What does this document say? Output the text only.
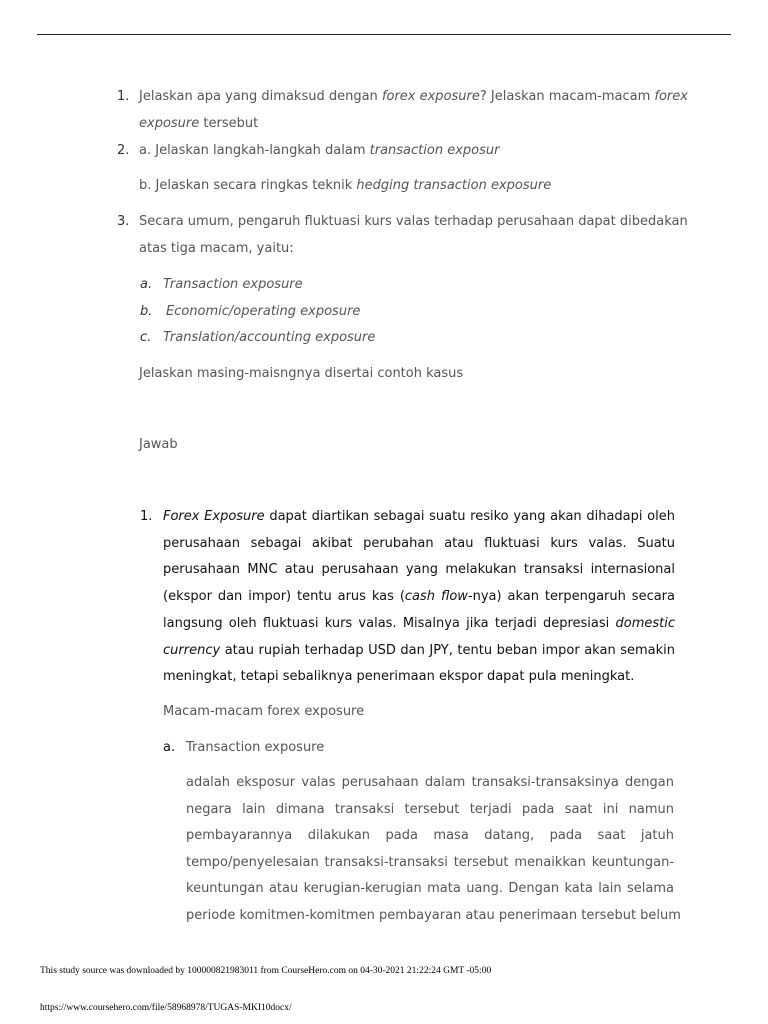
1. Jelaskan apa yang dimaksud dengan forex exposure? Jelaskan macam-macam forex
exposure tersebut
2. a. Jelaskan langkah-langkah dalam transaction exposur
b. Jelaskan secara ringkas teknik hedging transaction exposure
3. Secara umum, pengaruh fluktuasi kurs valas terhadap perusahaan dapat dibedakan
atas tiga macam, yaitu:
a. Transaction exposure
b. Economic/operating exposure
c. Translation/accounting exposure
Jelaskan masing-maisngnya disertai contoh kasus
Jawab
1. Forex Exposure dapat diartikan sebagai suatu resiko yang akan dihadapi oleh
perusahaan sebagai akibat perubahan atau fluktuasi kurs valas. Suatu
perusahaan MNC atau perusahaan yang melakukan transaksi internasional
(ekspor dan impor) tentu arus kas (cash flow-nya) akan terpengaruh secara
langsung oleh fluktuasi kurs valas. Misalnya jika terjadi depresiasi domestic
currency atau rupiah terhadap USD dan JPY, tentu beban impor akan semakin
meningkat, tetapi sebaliknya penerimaan ekspor dapat pula meningkat.
Macam-macam forex exposure
a. Transaction exposure
adalah eksposur valas perusahaan dalam transaksi-transaksinya dengan
negara lain dimana transaksi tersebut terjadi pada saat ini namun
pembayarannya dilakukan pada masa datang, pada saat jatuh
tempo/penyelesaian transaksi-transaksi tersebut menaikkan keuntungan-
keuntungan atau kerugian-kerugian mata uang. Dengan kata lain selama
periode komitmen-komitmen pembayaran atau penerimaan tersebut belum
This study source was downloaded by 100000821983011 from CourseHero.com on 04-30-2021 21:22:24 GMT -05:00
https://www.coursehero.com/file/58968978/TUGAS-MKI10docx/
